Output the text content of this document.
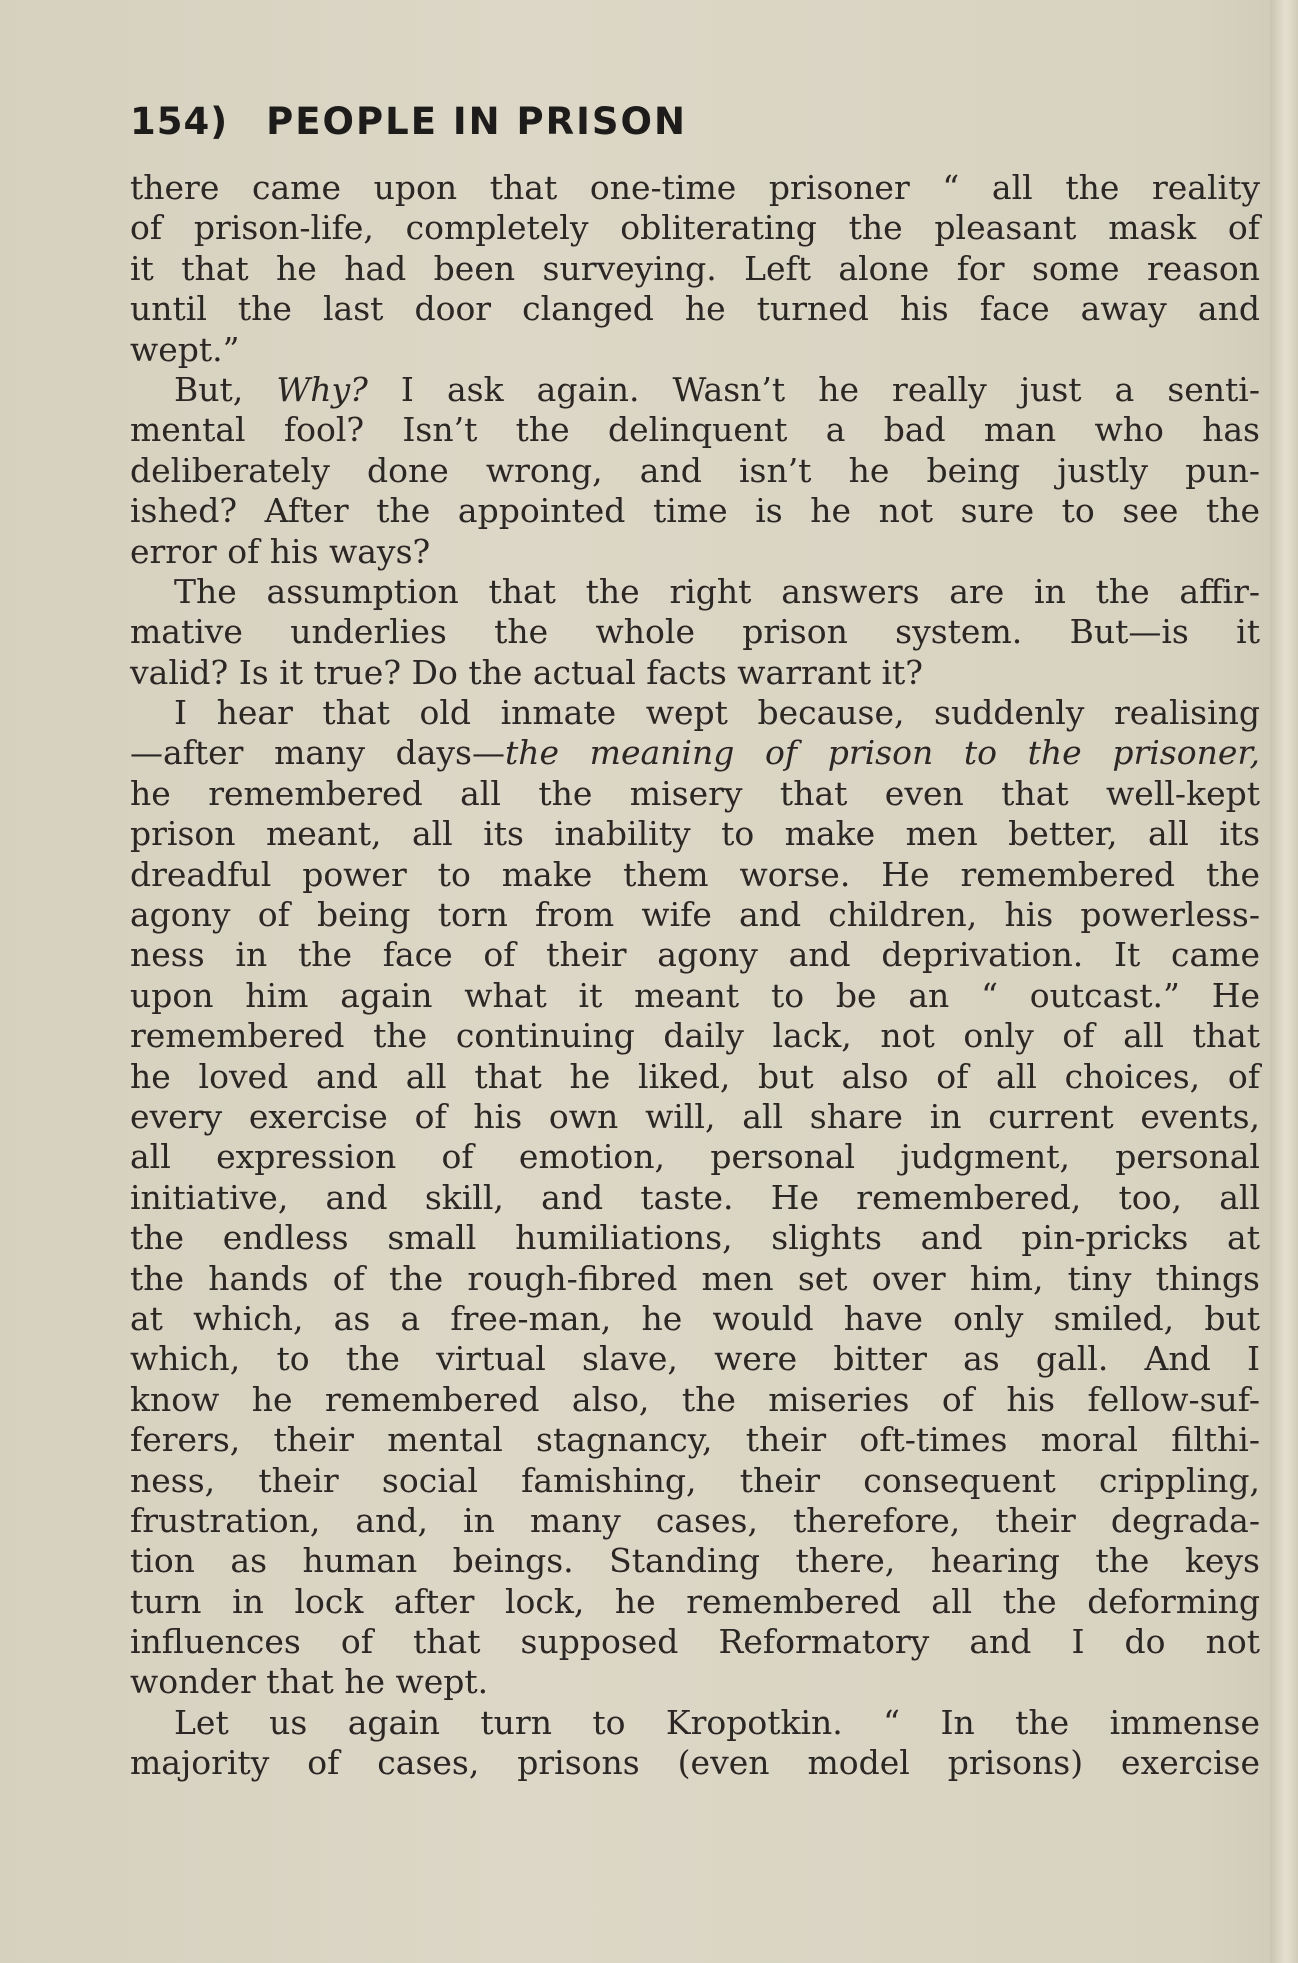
154) PEOPLE IN PRISON
there came upon that one-time prisoner “ all the reality
of prison-life, completely obliterating the pleasant mask of
it that he had been surveying. Left alone for some reason
until the last door clanged he turned his face away and
wept.”
But, Why? I ask again. Wasn’t he really just a senti-
mental fool? Isn’t the delinquent a bad man who has
deliberately done wrong, and isn’t he being justly pun-
ished? After the appointed time is he not sure to see the
error of his ways?
The assumption that the right answers are in the affir-
mative underlies the whole prison system. But—is it
valid? Is it true? Do the actual facts warrant it?
I hear that old inmate wept because, suddenly realising
—after many days—the meaning of prison to the prisoner,
he remembered all the misery that even that well-kept
prison meant, all its inability to make men better, all its
dreadful power to make them worse. He remembered the
agony of being torn from wife and children, his powerless-
ness in the face of their agony and deprivation. It came
upon him again what it meant to be an “ outcast.” He
remembered the continuing daily lack, not only of all that
he loved and all that he liked, but also of all choices, of
every exercise of his own will, all share in current events,
all expression of emotion, personal judgment, personal
initiative, and skill, and taste. He remembered, too, all
the endless small humiliations, slights and pin-pricks at
the hands of the rough-fibred men set over him, tiny things
at which, as a free-man, he would have only smiled, but
which, to the virtual slave, were bitter as gall. And I
know he remembered also, the miseries of his fellow-suf-
ferers, their mental stagnancy, their oft-times moral filthi-
ness, their social famishing, their consequent crippling,
frustration, and, in many cases, therefore, their degrada-
tion as human beings. Standing there, hearing the keys
turn in lock after lock, he remembered all the deforming
influences of that supposed Reformatory and I do not
wonder that he wept.
Let us again turn to Kropotkin. “ In the immense
majority of cases, prisons (even model prisons) exercise
